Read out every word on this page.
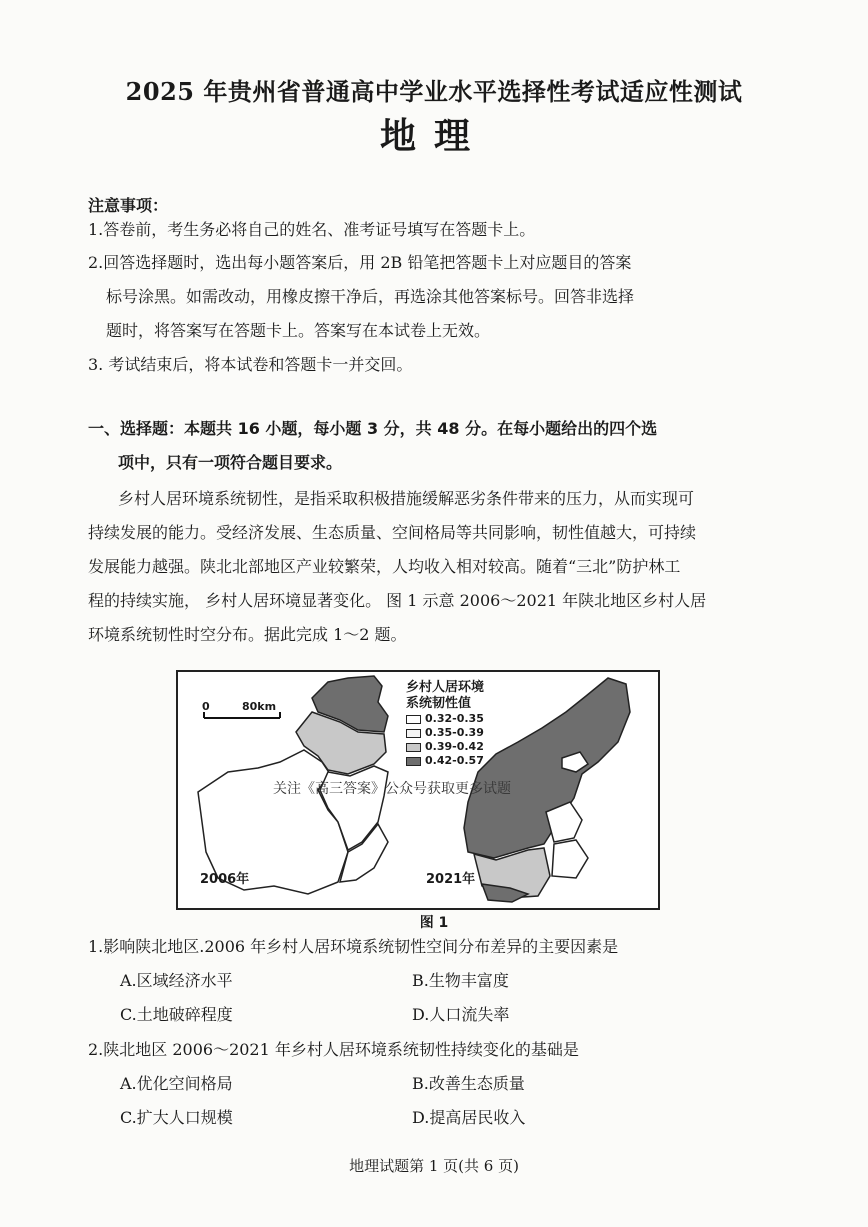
2025 年贵州省普通高中学业水平选择性考试适应性测试
地理
注意事项：
1.答卷前，考生务必将自己的姓名、准考证号填写在答题卡上。
2.回答选择题时，选出每小题答案后，用 2B 铅笔把答题卡上对应题目的答案
标号涂黑。如需改动，用橡皮擦干净后，再选涂其他答案标号。回答非选择
题时，将答案写在答题卡上。答案写在本试卷上无效。
3. 考试结束后，将本试卷和答题卡一并交回。
一、选择题：本题共 16 小题，每小题 3 分，共 48 分。在每小题给出的四个选
项中，只有一项符合题目要求。
乡村人居环境系统韧性，是指采取积极措施缓解恶劣条件带来的压力，从而实现可
持续发展的能力。受经济发展、生态质量、空间格局等共同影响，韧性值越大，可持续
发展能力越强。陕北北部地区产业较繁荣，人均收入相对较高。随着“三北”防护林工
程的持续实施， 乡村人居环境显著变化。 图 1 示意 2006～2021 年陕北地区乡村人居
环境系统韧性时空分布。据此完成 1～2 题。
0	80km
乡村人居环境
系统韧性值
0.32-0.35
0.35-0.39
0.39-0.42
0.42-0.57
关注《高三答案》公众号获取更多试题
2006年	2021年
图 1
1.影响陕北地区.2006 年乡村人居环境系统韧性空间分布差异的主要因素是
A.区域经济水平	B.生物丰富度
C.土地破碎程度	D.人口流失率
2.陕北地区 2006～2021 年乡村人居环境系统韧性持续变化的基础是
A.优化空间格局	B.改善生态质量
C.扩大人口规模	D.提高居民收入
地理试题第 1 页(共 6 页)
